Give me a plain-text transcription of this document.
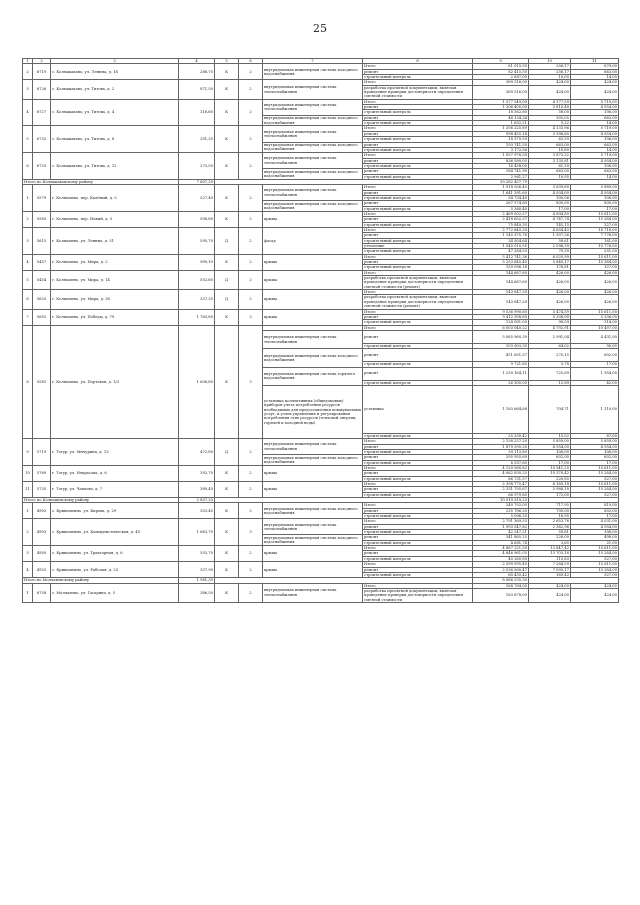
25
1	2	3	4	5	6	7	8	9	10	11
2	6719	с. Колмакаково, ул. Ленина, д. 18	288,70	К	2	внутридомовая инженерная система холодного водоснабжения	Итого	81 915,50	256,17	679,00
							ремонт	82 415,50	256,17	663,00
							строительный контроль	2 887,00	10,00	14,00
3	6726	с. Колмакаково, ул. Титова, д. 2	871,50	К	2	внутридомовая инженерная система теплоснабжения	Итого	369 516,00	424,00	424,00
							разработка проектной документации, включая проведение проверки достоверности определения сметной стоимости	369 516,00	424,00	424,00
4	6727	с. Колмакаково, ул. Титова, д. 4	316,60	К	2	внутридомовая инженерная система теплоснабжения	Итого	1 577 549,00	4 177,59	5 719,00
							ремонт	1 206 400,00	3 810,48	4 954,00
							строительный контроль	18 562,80	58,00	106,00
						внутридомовая инженерная система холодного водоснабжения	ремонт	46 134,34	305,05	663,00
							строительный контроль	1 652,21	5,22	14,00
5	6732	с. Колмакаково, ул. Титова, д. 8	291,20	К	2	внутридомовая инженерная система теплоснабжения	Итого	1 206 225,89	4 133,96	5 719,00
							ремонт	998 455,14	3 398,60	4 954,00
							строительный контроль	18 379,59	63,59	106,00
						внутридомовая инженерная система холодного водоснабжения	ремонт	193 741,50	663,00	663,00
							строительный контроль	3 172,56	10,89	14,00
6	6733	с. Колмакаково, ул. Титова, д. 12	273,50	К	2	внутридомовая инженерная система теплоснабжения	Итого	1 057 976,58	3 873,32	5 719,00
							ремонт	836 580,05	3 135,81	4 954,00
							строительный контроль	16 438,00	61,39	106,00
						внутридомовая инженерная система холодного водоснабжения	ремонт	184 741,90	663,00	663,00
							строительный контроль	2 961,27	10,95	14,00
Итого по Колмакаковскому району			7 607,20					39 282 457,79		
1	5579	г. Колпашево, пер. Калёный, д. 5	527,40	К	2	внутридомовая инженерная система теплоснабжения	Итого	1 918 556,40	3 639,60	5 889,00
							ремонт	1 641 391,60	4 934,00	4 954,00
							строительный контроль	54 734,40	100,06	106,00
						внутридомовая инженерная система холодного водоснабжения	ремонт	267 574,80	800,00	800,00
							строительный контроль	5 360,40	17,00	17,00
2	5583	г. Колпашево, пер. Новый, д. 3	508,80	К	2	крыша	Итого	2 469 502,57	4 894,89	15 611,00
							ремонт	2 418 652,37	4 747,74	15 284,00
							строительный контроль	75 849,35	145,15	327,00
3	5615	г. Колпашево, ул. Ленина, д. 31	595,70	Д	2	фасад	Итого	2 772 645,20	4 654,43	18 716,00
							ремонт	1 145 375,76	1 937,26	7 776,00
							строительный контроль	34 954,64	58,61	161,00
							утепление	1 545 010,95	2 596,39	10 776,00
							строительный контроль	47 284,55	79,39	251,00
4	5457	г. Колпашево, ул. Мира, д. 2	990,10	К	2	крыша	Итого	5 412 741,36	6 025,99	15 611,00
							ремонт	5 253 645,40	5 849,17	15 284,00
							строительный контроль	159 096,16	176,81	327,00
5	5454	г. Колпашево, ул. Мира, д. 14	552,60	Д	2	крыша	Итого	144 687,60	426,00	426,00
							разработка проектной документации, включая проведение проверки достоверности определения сметной стоимости (ремонт)	144 687,60	426,00	426,00
6	5625	г. Колпашево, ул. Мира, д. 28	337,20	Д	2	крыша	Итого	143 647,20	426,00	426,00
							разработка проектной документации, включая проведение проверки достоверности определения сметной стоимости (ремонт)	143 647,20	426,00	426,00
7	5692	г. Колпашево, ул. Победы, д. 79	1 763,80	К	3	крыша	Итого	9 536 990,60	5 474,59	15 611,00
							ремонт	9 412 398,60	5 336,00	5 336,00
							строительный контроль	124 081,00	98,59	314,00
8	5581	г. Колпашево, ул. Портовая, д. 1/3	1 656,80	К	3		Итого	6 003 040,22	4 792,91	10 497,00
						внутридомовая инженерная система теплоснабжения	ремонт	5 065 960,39	2 991,04	4 431,00
							строительный контроль	103 903,35	64,02	90,00
						внутридомовая инженерная система холодного водоснабжения	ремонт	451 691,57	270,15	602,00
							строительный контроль	9 721,80	5,78	17,00
						внутридомовая инженерная система горячего водоснабжения	ремонт	1 239 164,11	725,69	1 954,00
							строительный контроль	26 305,00	15,89	42,00
						установка коллективных (общедомовых) приборов учета потребления ресурсов необходимых для предоставления коммунальных услуг, и узлов управления и регулирования потребления этих ресурсов (тепловой энергии, горячей и холодной воды)	установка	1 183 664,68	704,71	1 110,00
							строительный контроль	25 330,42	15,02	67,00
9	5719	г. Тогур, ул. Мичурина, д. 13	472,80	Д	2	внутридомовая инженерная система теплоснабжения	Итого	2 158 237,20	5 859,00	5 859,00
							ремонт	1 879 595,20	4 954,00	4 954,00
							строительный контроль	39 113,80	106,00	106,00
						внутридомовая инженерная система холодного водоснабжения	ремонт	295 955,60	602,00	602,00
							строительный контроль	6 557,60	17,00	17,00
10	5769	г. Тогур, ул. Некрасова, д. 6	392,70	К	2	крыша	Итого	4 129 560,82	10 541,25	15 611,00
							ремонт	4 062 830,25	10 370,42	15 284,00
							строительный контроль	86 731,57	220,85	327,00
11	5735	г. Тогур, ул. Чапаева, д. 7	389,40	К	2	крыша	Итого	2 398 775,47	6 160,18	15 611,00
							ремонт	2 331 795,67	5 988,18	15 284,00
							строительный контроль	66 979,80	172,00	327,00
Итого по Колпашевскому району			2 857,20					10 519 319,23		
1	4902	с. Кривошеино, ул. Кирова, д. 29	353,40	К	2	внутридомовая инженерная система холодного водоснабжения	Итого	240 792,05	717,95	819,00
							ремонт	235 786,20	700,00	802,00
							строительный контроль	5 006,35	16,95	17,00
2	4903	с. Кривошеино, ул. Коммунистическая, д. 49	1 663,70	К	3	внутридомовая инженерная система теплоснабжения	Итого	2 791 369,53	2 653,76	4 031,00
							ремонт	1 993 547,82	2 362,96	4 954,00
							строительный контроль	42 247,21	59,81	106,00
						внутридомовая инженерная система холодного водоснабжения	ремонт	341 865,25	228,00	498,00
							строительный контроль	4 681,74	3,65	21,00
3	4950	с. Кривошеино, ул. Тракторная, д. 6	553,70	К	2	крыша	Итого	4 887 221,50	13 847,42	15 611,00
							ремонт	4 846 961,05	13 703,16	15 284,00
							строительный контроль	40 260,89	115,83	327,00
4	4953	с. Кривошеино, ул. Рабочая, д. 25	337,90	К	2	крыша	Итого	2 599 995,49	7 284,59	15 611,00
							ремонт	2 536 560,47	7 095,17	15 284,00
							строительный контроль	60 435,42	169,42	327,00
Итого по Молчановскому району			1 981,30					8 066 235,30		
1	6758	с. Молчаново, ул. Гагарина, д. 5	386,50	К	2	внутридомовая инженерная система теплоснабжения	Итого	164 784,00	424,00	424,00
							разработка проектной документации, включая проведение проверки достоверности определения сметной стоимости	163 878,00	424,00	424,00
